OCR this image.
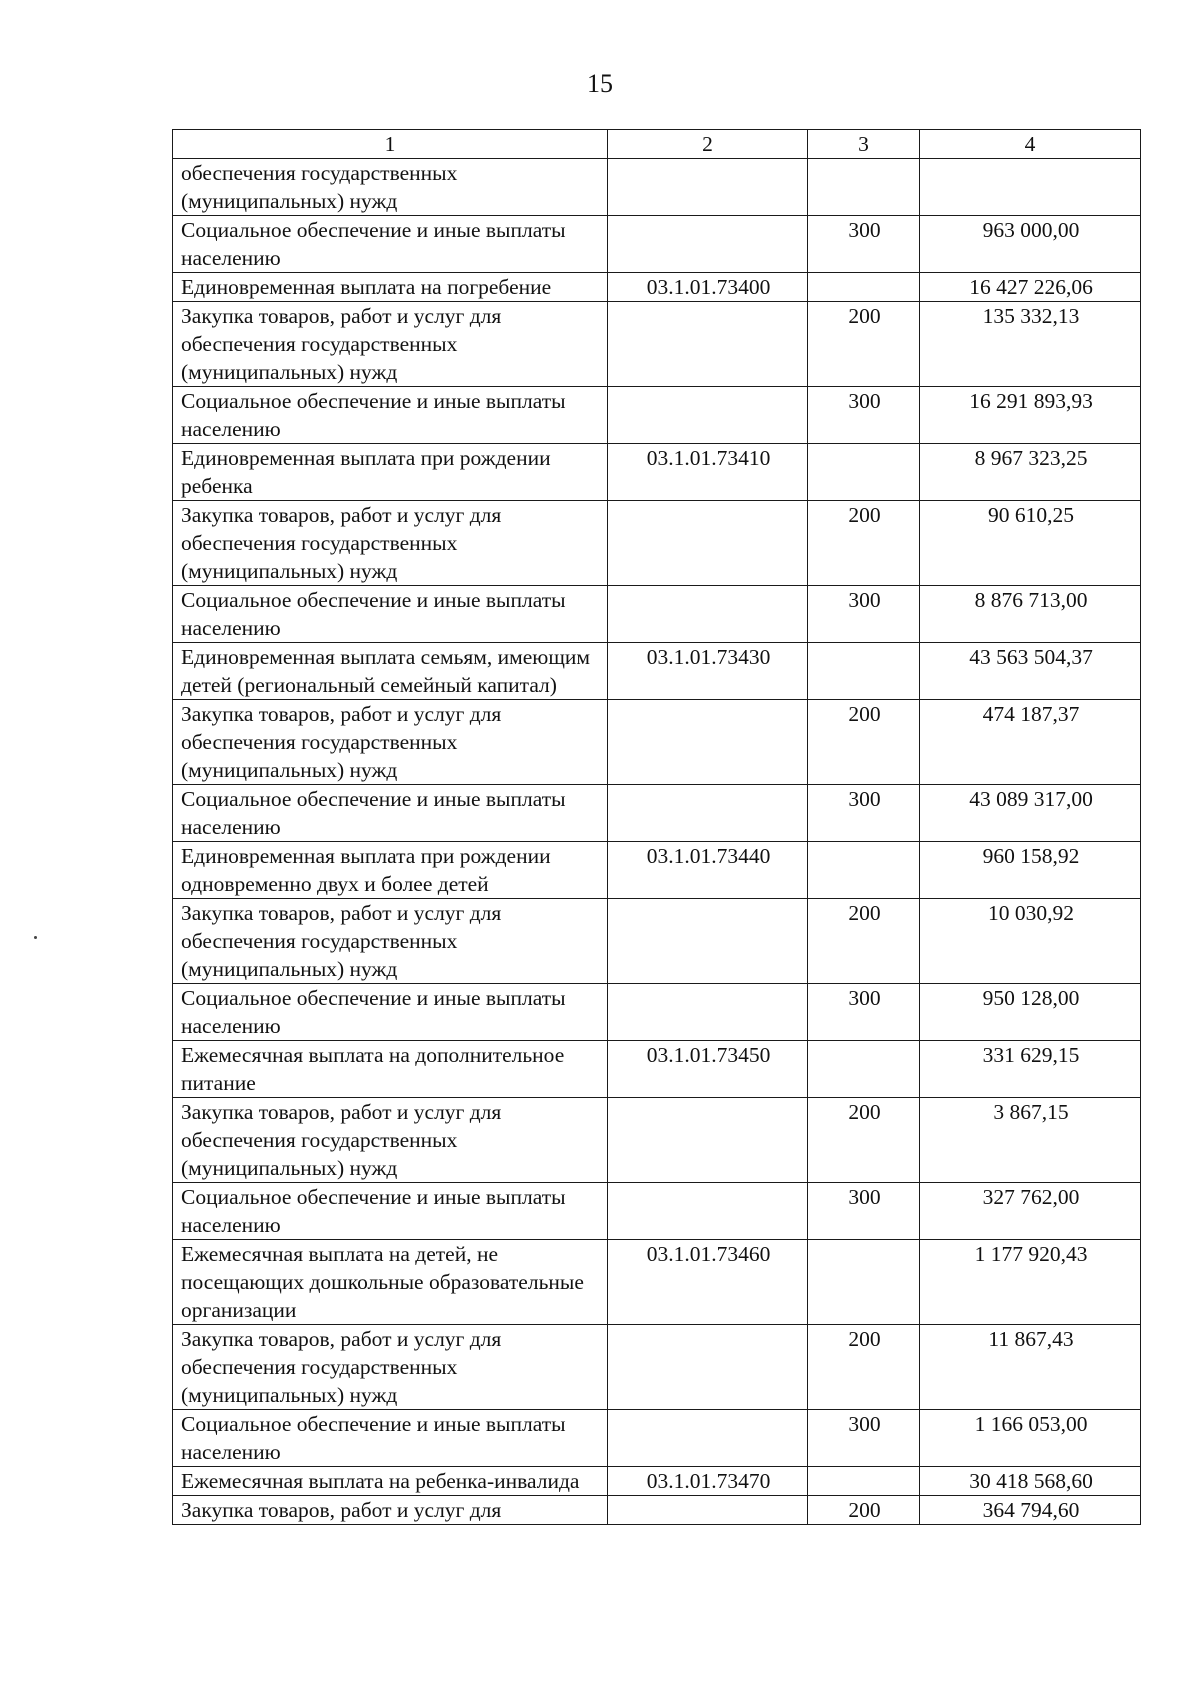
15
1	2	3	4
обеспечения государственных (муниципальных) нужд			
Социальное обеспечение и иные выплаты населению		300	963 000,00
Единовременная выплата на погребение	03.1.01.73400		16 427 226,06
Закупка товаров, работ и услуг для обеспечения государственных (муниципальных) нужд		200	135 332,13
Социальное обеспечение и иные выплаты населению		300	16 291 893,93
Единовременная выплата при рождении ребенка	03.1.01.73410		8 967 323,25
Закупка товаров, работ и услуг для обеспечения государственных (муниципальных) нужд		200	90 610,25
Социальное обеспечение и иные выплаты населению		300	8 876 713,00
Единовременная выплата семьям, имеющим детей (региональный семейный капитал)	03.1.01.73430		43 563 504,37
Закупка товаров, работ и услуг для обеспечения государственных (муниципальных) нужд		200	474 187,37
Социальное обеспечение и иные выплаты населению		300	43 089 317,00
Единовременная выплата при рождении одновременно двух и более детей	03.1.01.73440		960 158,92
Закупка товаров, работ и услуг для обеспечения государственных (муниципальных) нужд		200	10 030,92
Социальное обеспечение и иные выплаты населению		300	950 128,00
Ежемесячная выплата на дополнительное питание	03.1.01.73450		331 629,15
Закупка товаров, работ и услуг для обеспечения государственных (муниципальных) нужд		200	3 867,15
Социальное обеспечение и иные выплаты населению		300	327 762,00
Ежемесячная выплата на детей, не посещающих дошкольные образовательные организации	03.1.01.73460		1 177 920,43
Закупка товаров, работ и услуг для обеспечения государственных (муниципальных) нужд		200	11 867,43
Социальное обеспечение и иные выплаты населению		300	1 166 053,00
Ежемесячная выплата на ребенка-инвалида	03.1.01.73470		30 418 568,60
Закупка товаров, работ и услуг для		200	364 794,60
